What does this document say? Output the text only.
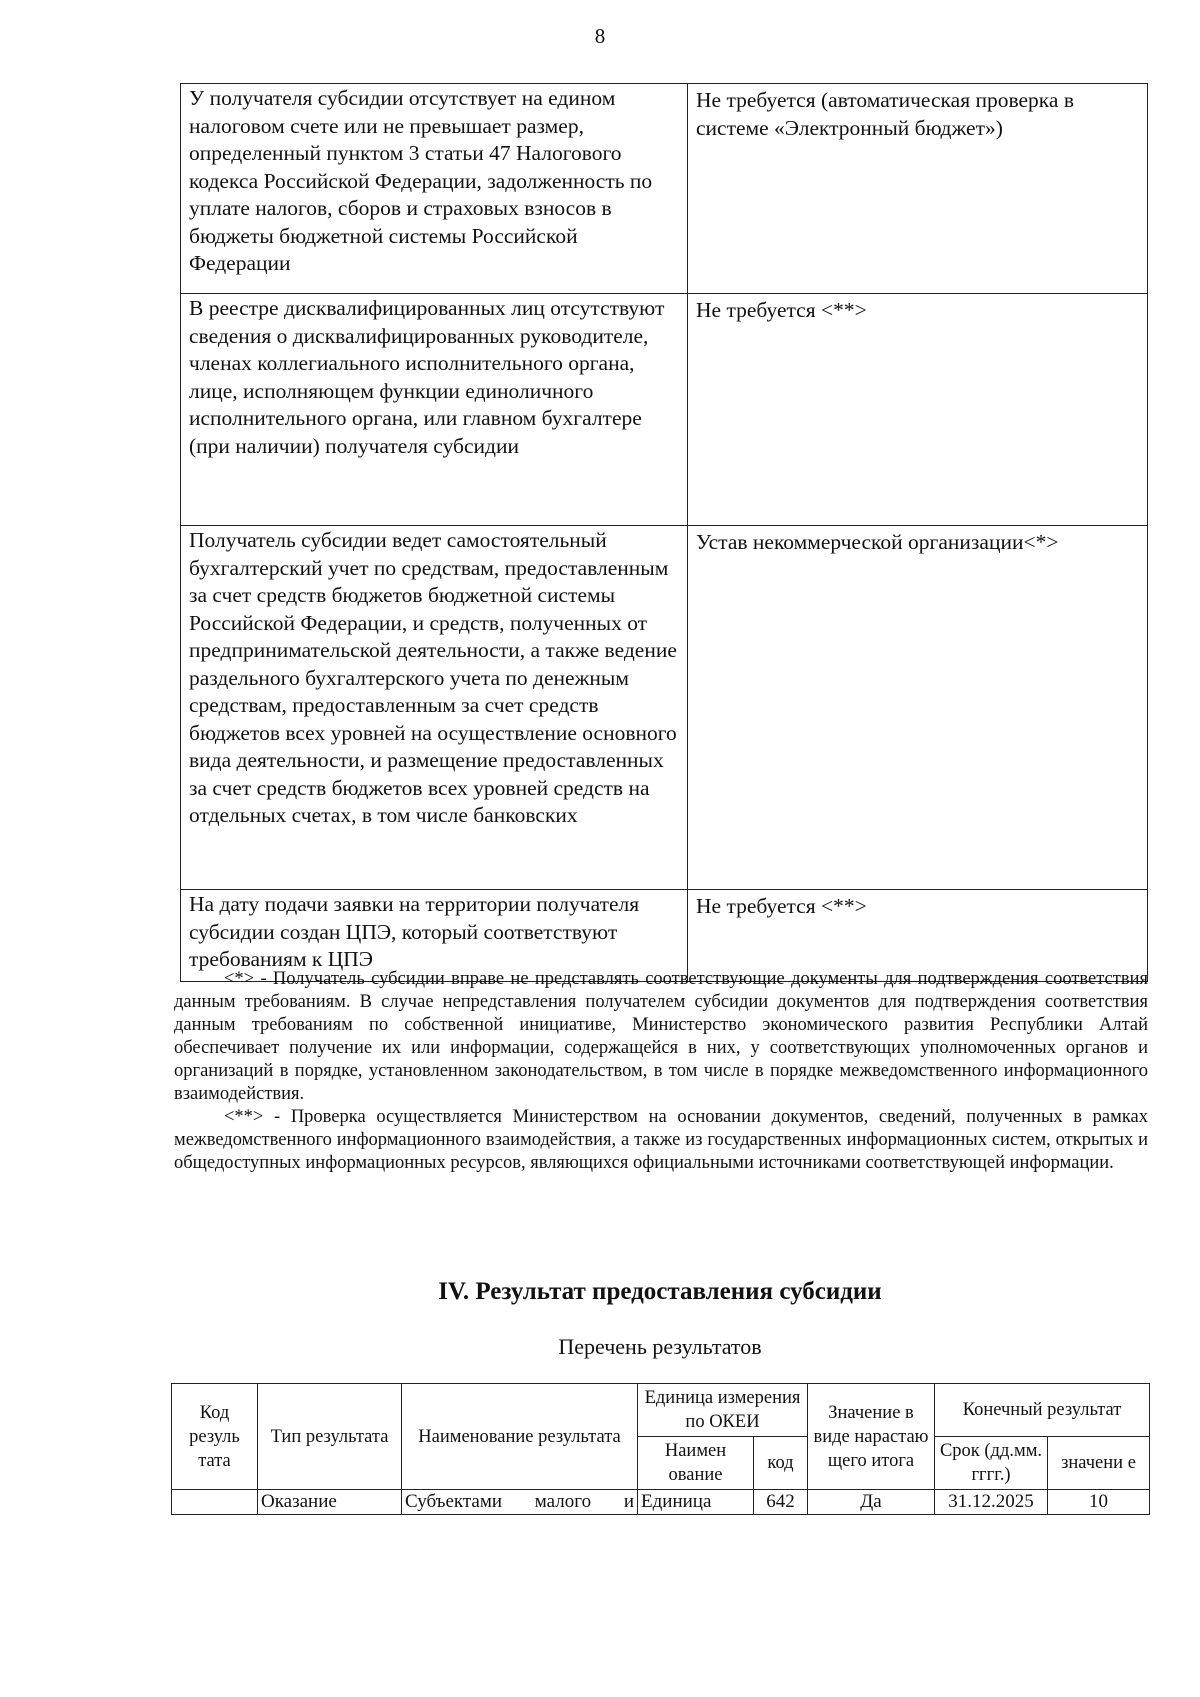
8
У получателя субсидии отсутствует на едином налоговом счете или не превышает размер, определенный пунктом 3 статьи 47 Налогового кодекса Российской Федерации, задолженность по уплате налогов, сборов и страховых взносов в бюджеты бюджетной системы Российской Федерации	Не требуется (автоматическая проверка в системе «Электронный бюджет»)
В реестре дисквалифицированных лиц отсутствуют сведения о дисквалифицированных руководителе, членах коллегиального исполнительного органа, лице, исполняющем функции единоличного исполнительного органа, или главном бухгалтере (при наличии) получателя субсидии	Не требуется <**>
Получатель субсидии ведет самостоятельный бухгалтерский учет по средствам, предоставленным за счет средств бюджетов бюджетной системы Российской Федерации, и средств, полученных от предпринимательской деятельности, а также ведение раздельного бухгалтерского учета по денежным средствам, предоставленным за счет средств бюджетов всех уровней на осуществление основного вида деятельности, и размещение предоставленных за счет средств бюджетов всех уровней средств на отдельных счетах, в том числе банковских	Устав некоммерческой организации<*>
На дату подачи заявки на территории получателя субсидии создан ЦПЭ, который соответствуют требованиям к ЦПЭ	Не требуется <**>

<*> - Получатель субсидии вправе не представлять соответствующие документы для подтверждения соответствия данным требованиям. В случае непредставления получателем субсидии документов для подтверждения соответствия данным требованиям по собственной инициативе, Министерство экономического развития Республики Алтай обеспечивает получение их или информации, содержащейся в них, у соответствующих уполномоченных органов и организаций в порядке, установленном законодательством, в том числе в порядке межведомственного информационного взаимодействия.

<**> - Проверка осуществляется Министерством на основании документов, сведений, полученных в рамках межведомственного информационного взаимодействия, а также из государственных информационных систем, открытых и общедоступных информационных ресурсов, являющихся официальными источниками соответствующей информации.

IV. Результат предоставления субсидии
Перечень результатов
Код резуль тата	Тип результата	Наименование результата	Единица измерения по ОКЕИ		Значение в виде нарастаю щего итога	Конечный результат	
			Наимен ование	код		Срок (дд.мм. гггг.)	значени е
	Оказание	Субъектами малого и	Единица	642	Да	31.12.2025	10
